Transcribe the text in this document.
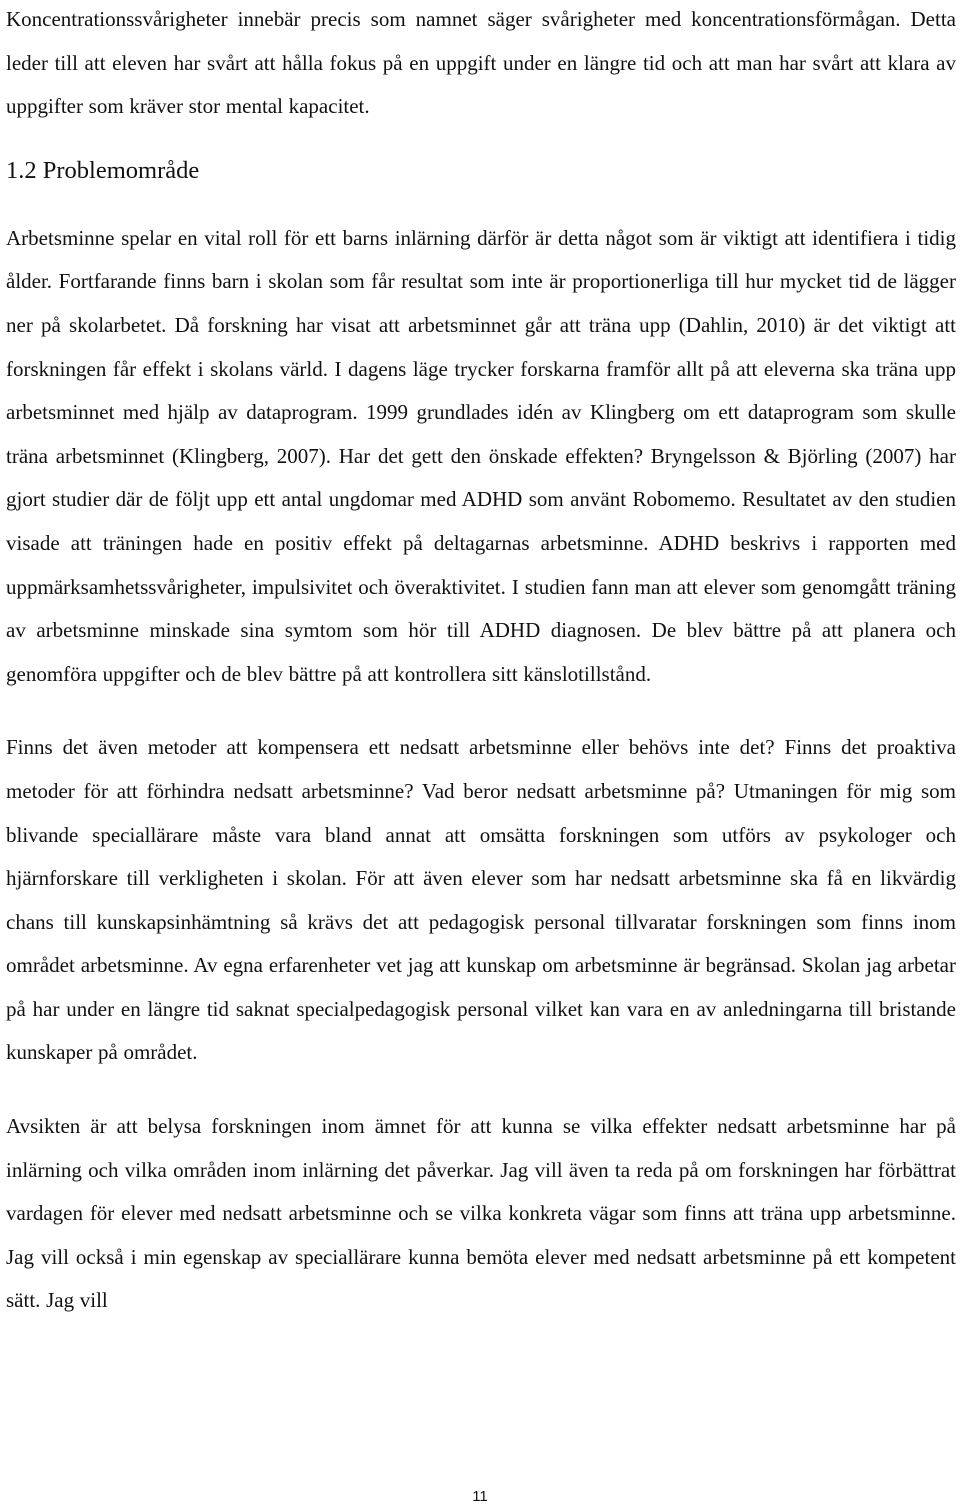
Koncentrationssvårigheter innebär precis som namnet säger svårigheter med koncentrationsförmågan. Detta leder till att eleven har svårt att hålla fokus på en uppgift under en längre tid och att man har svårt att klara av uppgifter som kräver stor mental kapacitet.

1.2 Problemområde

Arbetsminne spelar en vital roll för ett barns inlärning därför är detta något som är viktigt att identifiera i tidig ålder. Fortfarande finns barn i skolan som får resultat som inte är proportionerliga till hur mycket tid de lägger ner på skolarbetet. Då forskning har visat att arbetsminnet går att träna upp (Dahlin, 2010) är det viktigt att forskningen får effekt i skolans värld. I dagens läge trycker forskarna framför allt på att eleverna ska träna upp arbetsminnet med hjälp av dataprogram. 1999 grundlades idén av Klingberg om ett dataprogram som skulle träna arbetsminnet (Klingberg, 2007). Har det gett den önskade effekten? Bryngelsson & Björling (2007) har gjort studier där de följt upp ett antal ungdomar med ADHD som använt Robomemo. Resultatet av den studien visade att träningen hade en positiv effekt på deltagarnas arbetsminne. ADHD beskrivs i rapporten med uppmärksamhetssvårigheter, impulsivitet och överaktivitet. I studien fann man att elever som genomgått träning av arbetsminne minskade sina symtom som hör till ADHD diagnosen. De blev bättre på att planera och genomföra uppgifter och de blev bättre på att kontrollera sitt känslotillstånd.

Finns det även metoder att kompensera ett nedsatt arbetsminne eller behövs inte det? Finns det proaktiva metoder för att förhindra nedsatt arbetsminne? Vad beror nedsatt arbetsminne på? Utmaningen för mig som blivande speciallärare måste vara bland annat att omsätta forskningen som utförs av psykologer och hjärnforskare till verkligheten i skolan. För att även elever som har nedsatt arbetsminne ska få en likvärdig chans till kunskapsinhämtning så krävs det att pedagogisk personal tillvaratar forskningen som finns inom området arbetsminne. Av egna erfarenheter vet jag att kunskap om arbetsminne är begränsad. Skolan jag arbetar på har under en längre tid saknat specialpedagogisk personal vilket kan vara en av anledningarna till bristande kunskaper på området.

Avsikten är att belysa forskningen inom ämnet för att kunna se vilka effekter nedsatt arbetsminne har på inlärning och vilka områden inom inlärning det påverkar. Jag vill även ta reda på om forskningen har förbättrat vardagen för elever med nedsatt arbetsminne och se vilka konkreta vägar som finns att träna upp arbetsminne. Jag vill också i min egenskap av speciallärare kunna bemöta elever med nedsatt arbetsminne på ett kompetent sätt. Jag vill

11
